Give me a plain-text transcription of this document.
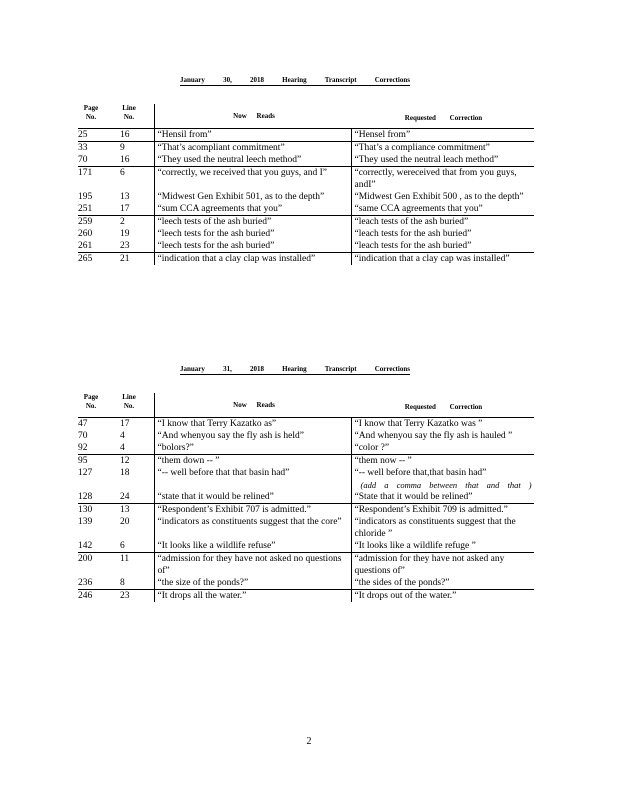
January	30,	2018	Hearing	Transcript	Corrections
Page No.
Line No.	Now Reads	Requested Correction
25	16	“Hensil from”	“Hensel from”
33	9	“That’s acompliant commitment”	“That’s a compliance commitment”
70	16	“They used the neutral leech method”	“They used the neutral leach method”
171	6	“correctly, we received that you guys, and I”	“correctly, wereceived that from you guys, andI”
195	13	“Midwest Gen Exhibit 501, as to the depth”	“Midwest Gen Exhibit 500 , as to the depth”
251	17	“sum CCA agreements that you”	“same CCA agreements that you”
259	2	“leech tests of the ash buried”	“leach tests of the ash buried”
260	19	“leech tests for the ash buried”	“leach tests for the ash buried”
261	23	“leech tests for the ash buried”	“leach tests for the ash buried”
265	21	“indication that a clay clap was installed”	“indication that a clay cap was installed”
January	31,	2018	Hearing	Transcript	Corrections
Page No.
Line No.	Now Reads	Requested Correction
47	17	“I know that Terry Kazatko as”	“I know that Terry Kazatko was ”
70	4	“And whenyou say the fly ash is held”	“And whenyou say the fly ash is hauled ”
92	4	“bolors?”	“color ?”
95	12	“them down -- ”	“them now -- ”
127	18	“-- well before that that basin had”	“-- well before that,that basin had”
(add a comma between that and that )

128	24	“state that it would be relined”	“State that it would be relined”
130	13	“Respondent’s Exhibit 707 is admitted.”	“Respondent’s Exhibit 709 is admitted.”
139	20	“indicators as constituents suggest that the core”	“indicators as constituents suggest that the chloride ”
142	6	“It looks like a wildlife refuse”	“It looks like a wildlife refuge ”
200	11	“admission for they have not asked no questions of”	“admission for they have not asked any questions of”
236	8	“the size of the ponds?”	“the sides of the ponds?”
246	23	“It drops all the water.”	“It drops out of the water.”
2
